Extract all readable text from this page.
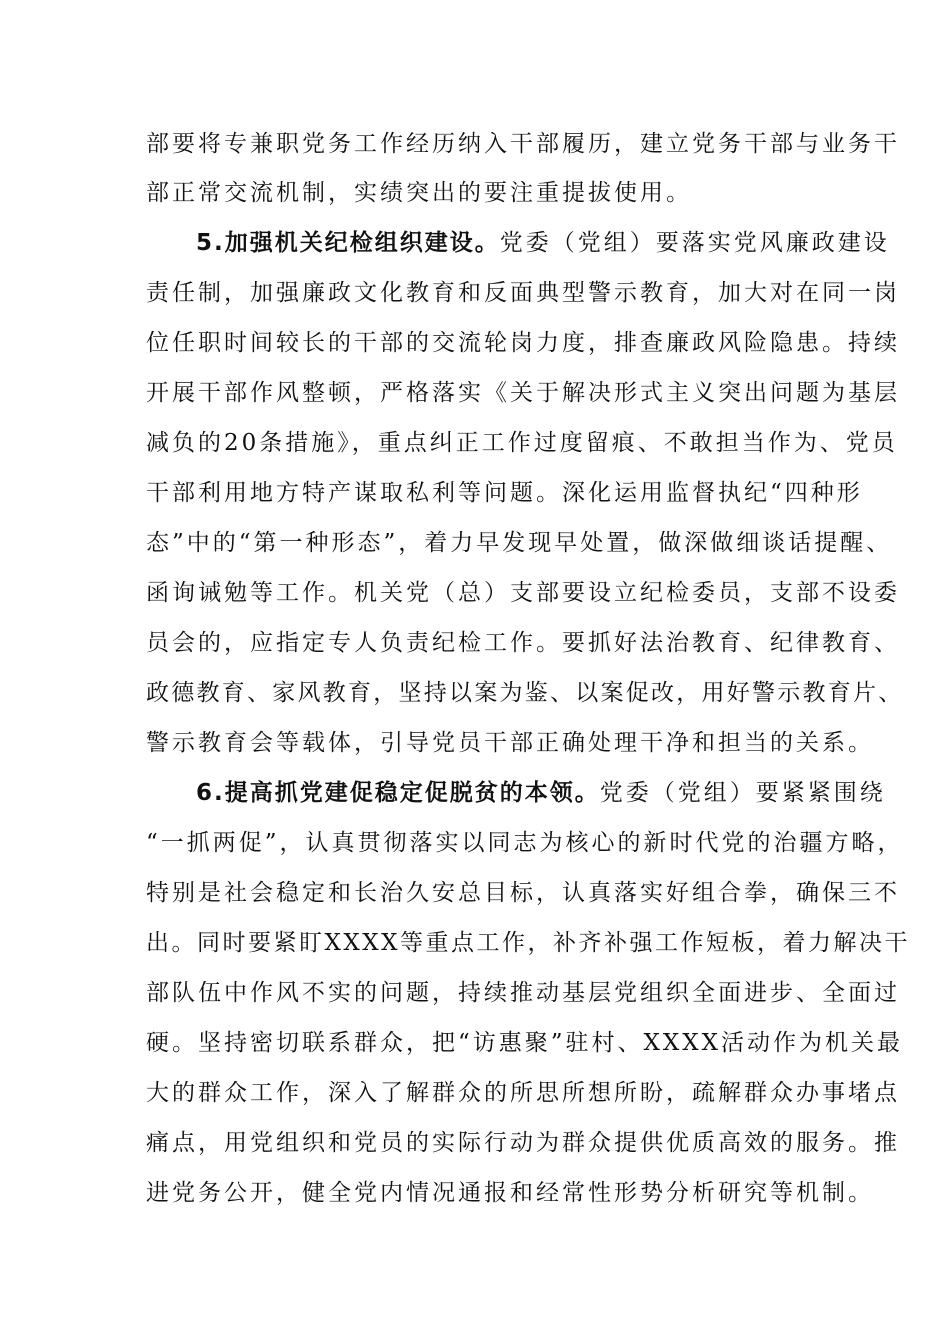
部要将专兼职党务工作经历纳入干部履历，建立党务干部与业务干
部正常交流机制，实绩突出的要注重提拔使用。
5.加强机关纪检组织建设。党委（党组）要落实党风廉政建设
责任制，加强廉政文化教育和反面典型警示教育，加大对在同一岗
位任职时间较长的干部的交流轮岗力度，排查廉政风险隐患。持续
开展干部作风整顿，严格落实《关于解决形式主义突出问题为基层
减负的20条措施》，重点纠正工作过度留痕、不敢担当作为、党员
干部利用地方特产谋取私利等问题。深化运用监督执纪“四种形
态”中的“第一种形态”，着力早发现早处置，做深做细谈话提醒、
函询诫勉等工作。机关党（总）支部要设立纪检委员，支部不设委
员会的，应指定专人负责纪检工作。要抓好法治教育、纪律教育、
政德教育、家风教育，坚持以案为鉴、以案促改，用好警示教育片、
警示教育会等载体，引导党员干部正确处理干净和担当的关系。
6.提高抓党建促稳定促脱贫的本领。党委（党组）要紧紧围绕
“一抓两促”，认真贯彻落实以同志为核心的新时代党的治疆方略，
特别是社会稳定和长治久安总目标，认真落实好组合拳，确保三不
出。同时要紧盯XXXX等重点工作，补齐补强工作短板，着力解决干
部队伍中作风不实的问题，持续推动基层党组织全面进步、全面过
硬。坚持密切联系群众，把“访惠聚”驻村、XXXX活动作为机关最
大的群众工作，深入了解群众的所思所想所盼，疏解群众办事堵点
痛点，用党组织和党员的实际行动为群众提供优质高效的服务。推
进党务公开，健全党内情况通报和经常性形势分析研究等机制。
